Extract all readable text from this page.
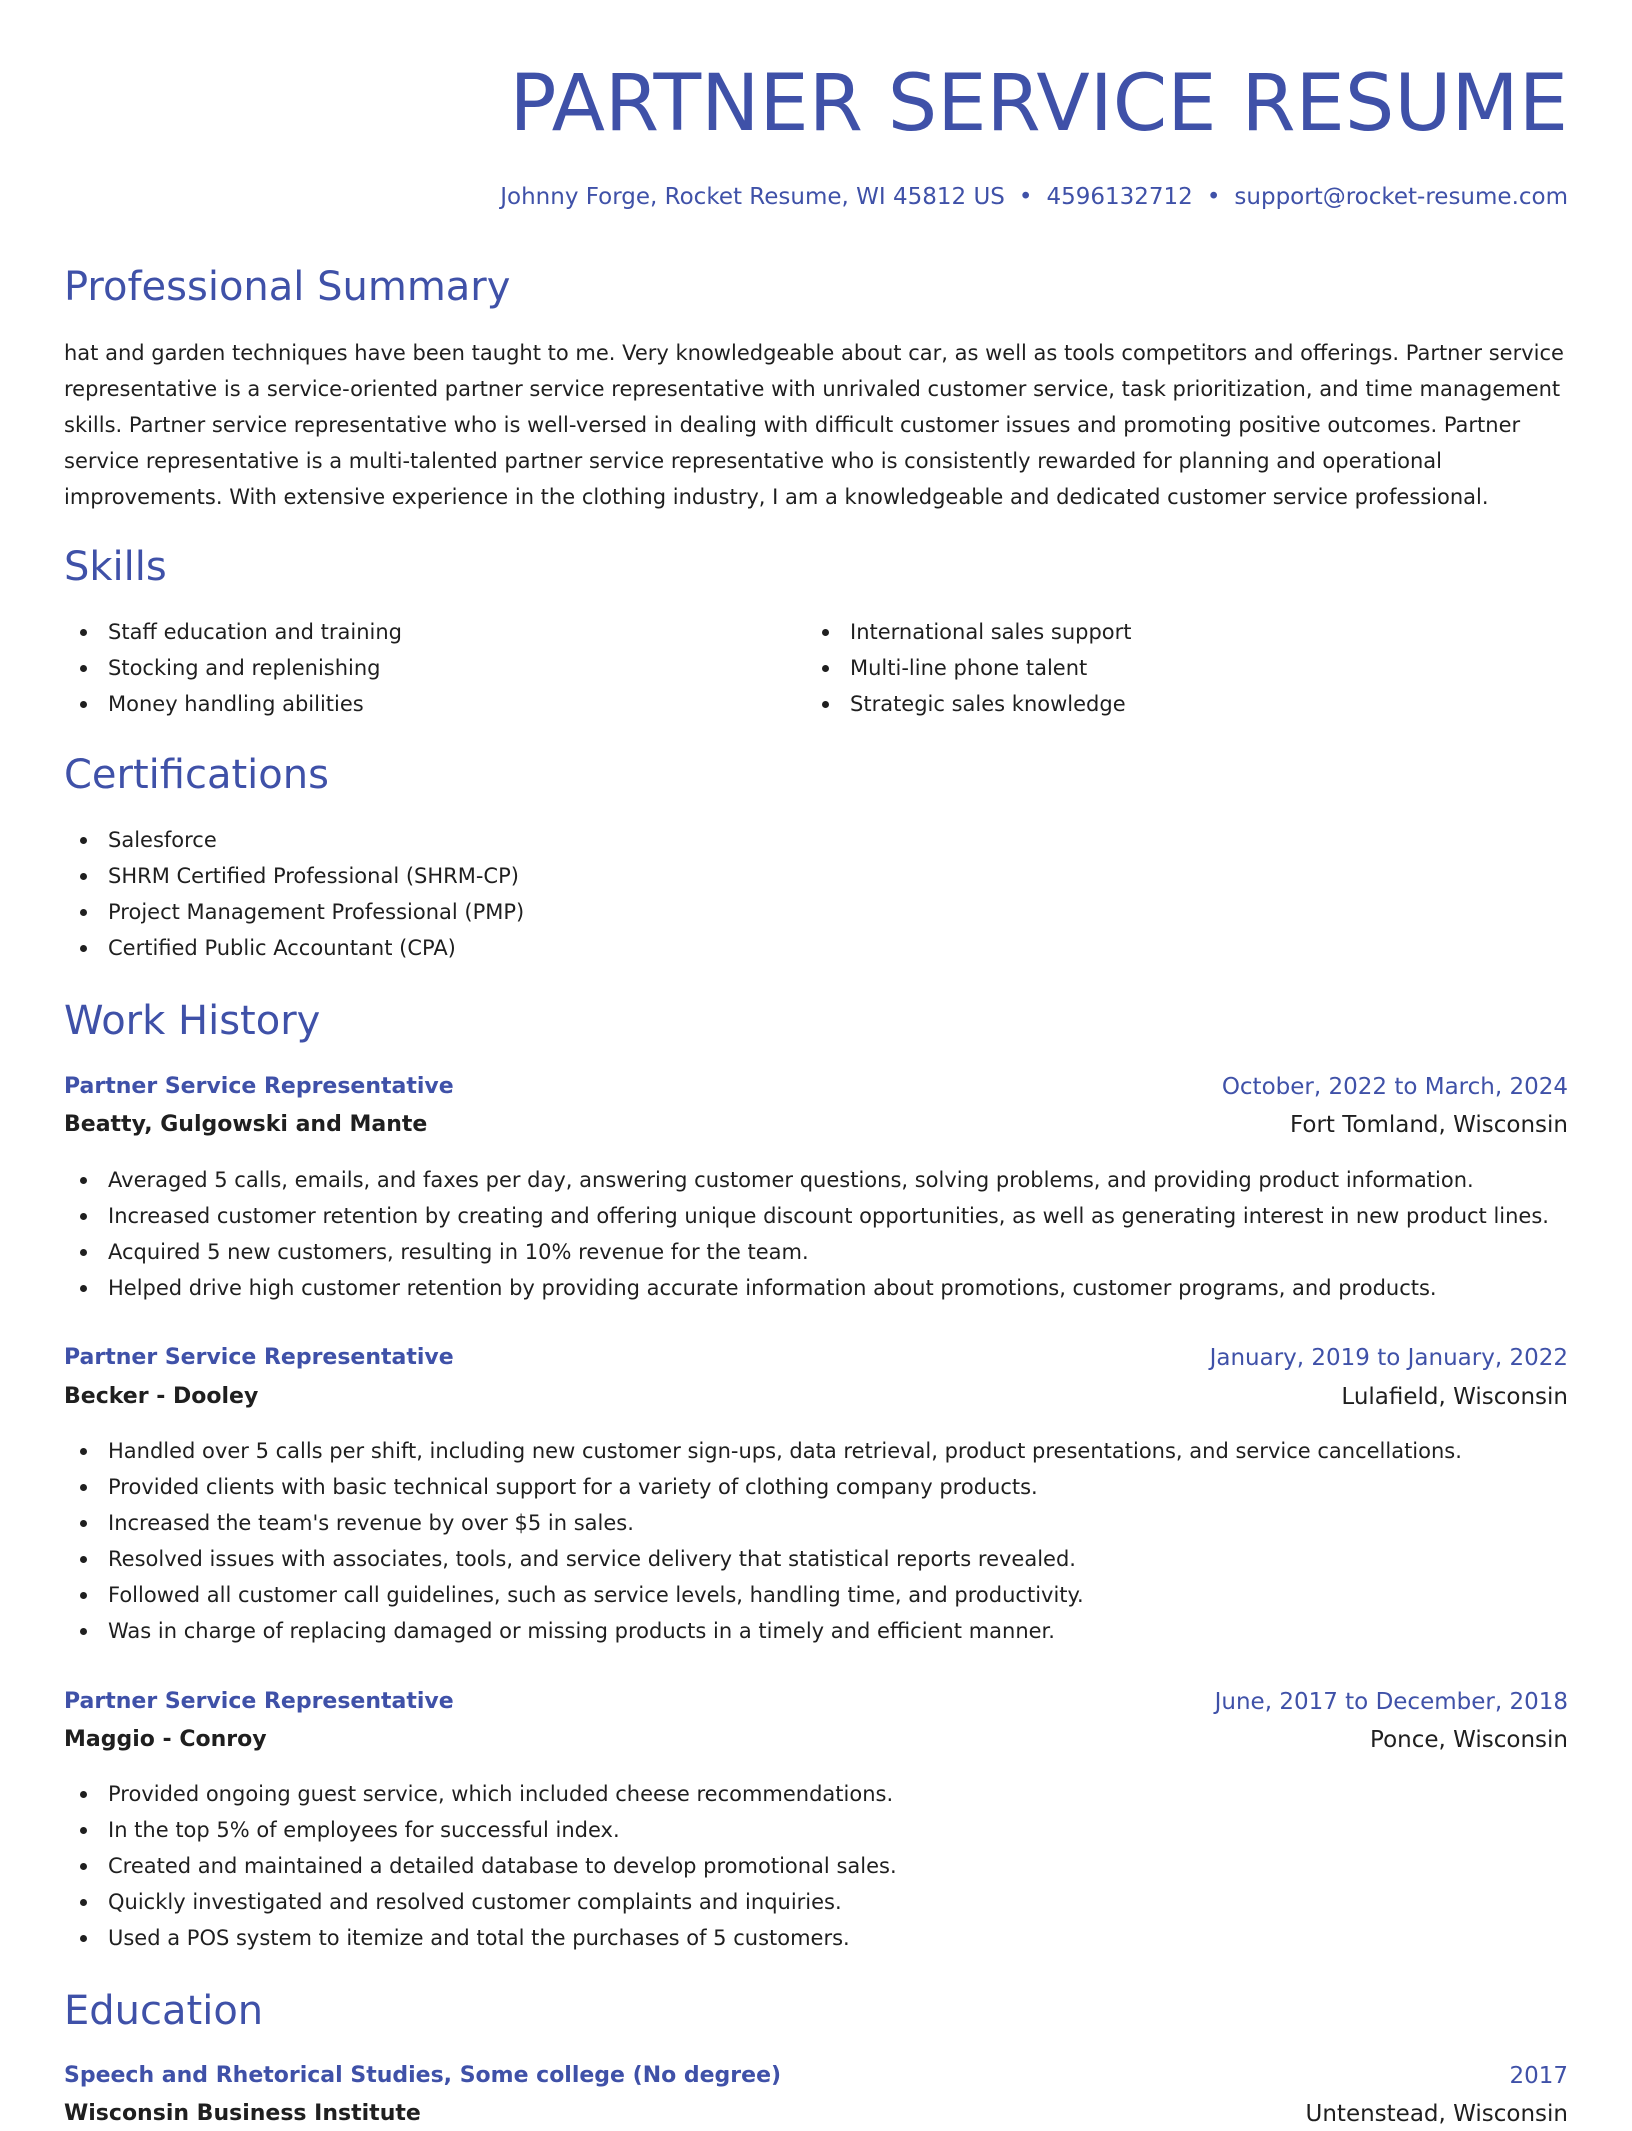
PARTNER SERVICE RESUME
Johnny Forge, Rocket Resume, WI 45812 US • 4596132712 • support@rocket-resume.com
Professional Summary

hat and garden techniques have been taught to me. Very knowledgeable about car, as well as tools competitors and offerings. Partner service representative is a service-oriented partner service representative with unrivaled customer service, task prioritization, and time management skills. Partner service representative who is well-versed in dealing with difficult customer issues and promoting positive outcomes. Partner service representative is a multi-talented partner service representative who is consistently rewarded for planning and operational improvements. With extensive experience in the clothing industry, I am a knowledgeable and dedicated customer service professional.

Skills
Staff education and training
Stocking and replenishing
Money handling abilities
International sales support
Multi-line phone talent
Strategic sales knowledge
Certifications
Salesforce
SHRM Certified Professional (SHRM-CP)
Project Management Professional (PMP)
Certified Public Accountant (CPA)
Work History
Partner Service Representative	October, 2022 to March, 2024
Beatty, Gulgowski and Mante	Fort Tomland, Wisconsin
Averaged 5 calls, emails, and faxes per day, answering customer questions, solving problems, and providing product information.
Increased customer retention by creating and offering unique discount opportunities, as well as generating interest in new product lines.
Acquired 5 new customers, resulting in 10% revenue for the team.
Helped drive high customer retention by providing accurate information about promotions, customer programs, and products.
Partner Service Representative	January, 2019 to January, 2022
Becker - Dooley	Lulafield, Wisconsin
Handled over 5 calls per shift, including new customer sign-ups, data retrieval, product presentations, and service cancellations.
Provided clients with basic technical support for a variety of clothing company products.
Increased the team's revenue by over $5 in sales.
Resolved issues with associates, tools, and service delivery that statistical reports revealed.
Followed all customer call guidelines, such as service levels, handling time, and productivity.
Was in charge of replacing damaged or missing products in a timely and efficient manner.
Partner Service Representative	June, 2017 to December, 2018
Maggio - Conroy	Ponce, Wisconsin
Provided ongoing guest service, which included cheese recommendations.
In the top 5% of employees for successful index.
Created and maintained a detailed database to develop promotional sales.
Quickly investigated and resolved customer complaints and inquiries.
Used a POS system to itemize and total the purchases of 5 customers.
Education
Speech and Rhetorical Studies, Some college (No degree)	2017
Wisconsin Business Institute	Untenstead, Wisconsin
